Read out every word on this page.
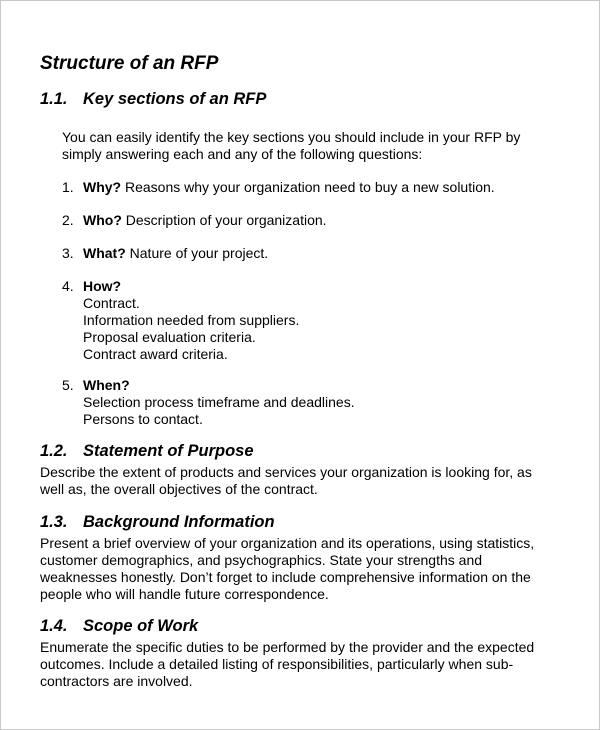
Structure of an RFP
1.1. Key sections of an RFP

You can easily identify the key sections you should include in your RFP by
simply answering each and any of the following questions:

1. Why? Reasons why your organization need to buy a new solution.
2. Who? Description of your organization.
3. What? Nature of your project.
4. How?
Contract.
Information needed from suppliers.
Proposal evaluation criteria.
Contract award criteria.
5. When?
Selection process timeframe and deadlines.
Persons to contact.
1.2. Statement of Purpose

Describe the extent of products and services your organization is looking for, as
well as, the overall objectives of the contract.

1.3. Background Information

Present a brief overview of your organization and its operations, using statistics,
customer demographics, and psychographics. State your strengths and
weaknesses honestly. Don’t forget to include comprehensive information on the
people who will handle future correspondence.

1.4. Scope of Work

Enumerate the specific duties to be performed by the provider and the expected
outcomes. Include a detailed listing of responsibilities, particularly when sub-
contractors are involved.
